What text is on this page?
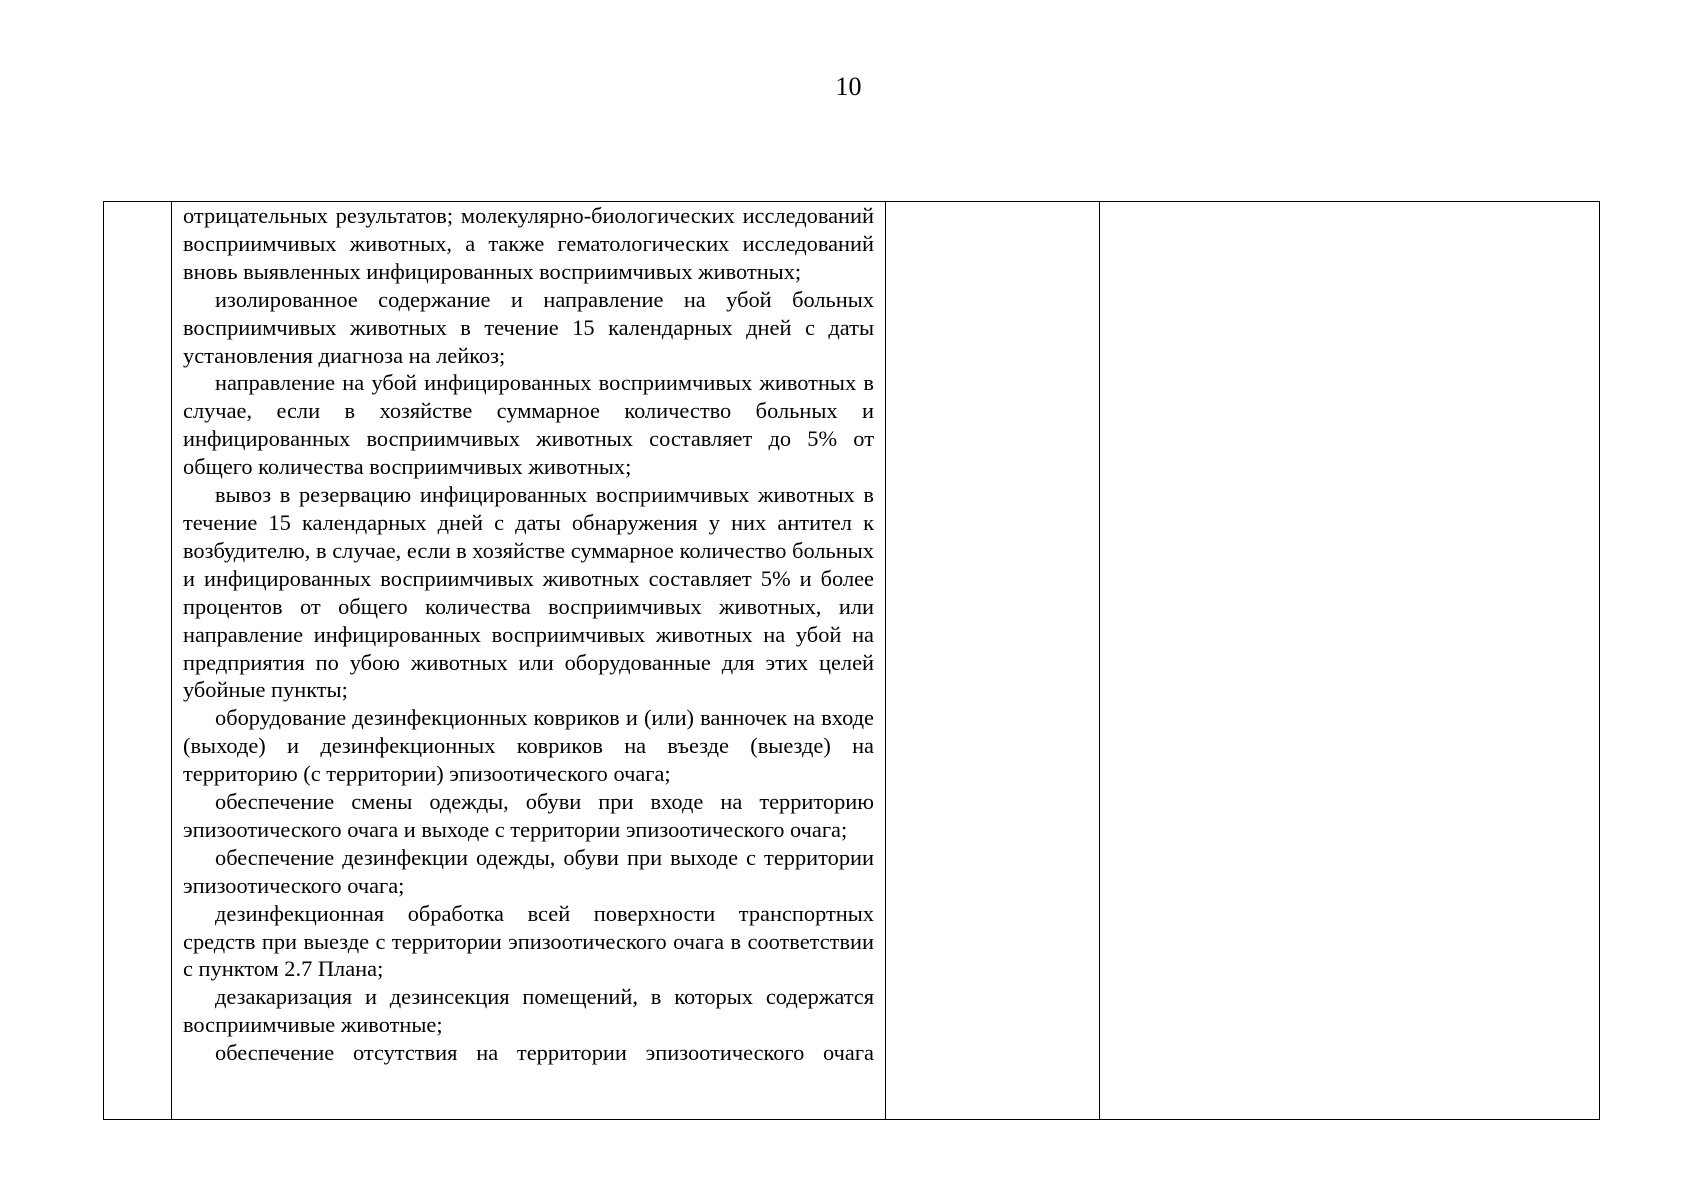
10

отрицательных результатов; молекулярно-биологических исследований восприимчивых животных, а также гематологических исследований вновь выявленных инфицированных восприимчивых животных;

изолированное содержание и направление на убой больных восприимчивых животных в течение 15 календарных дней с даты установления диагноза на лейкоз;

направление на убой инфицированных восприимчивых животных в случае, если в хозяйстве суммарное количество больных и инфицированных восприимчивых животных составляет до 5% от общего количества восприимчивых животных;

вывоз в резервацию инфицированных восприимчивых животных в течение 15 календарных дней с даты обнаружения у них антител к возбудителю, в случае, если в хозяйстве суммарное количество больных и инфицированных восприимчивых животных составляет 5% и более процентов от общего количества восприимчивых животных, или направление инфицированных восприимчивых животных на убой на предприятия по убою животных или оборудованные для этих целей убойные пункты;

оборудование дезинфекционных ковриков и (или) ванночек на входе (выходе) и дезинфекционных ковриков на въезде (выезде) на территорию (с территории) эпизоотического очага;

обеспечение смены одежды, обуви при входе на территорию эпизоотического очага и выходе с территории эпизоотического очага;

обеспечение дезинфекции одежды, обуви при выходе с территории эпизоотического очага;

дезинфекционная обработка всей поверхности транспортных средств при выезде с территории эпизоотического очага в соответствии с пунктом 2.7 Плана;

дезакаризация и дезинсекция помещений, в которых содержатся восприимчивые животные;

обеспечение отсутствия на территории эпизоотического очага
